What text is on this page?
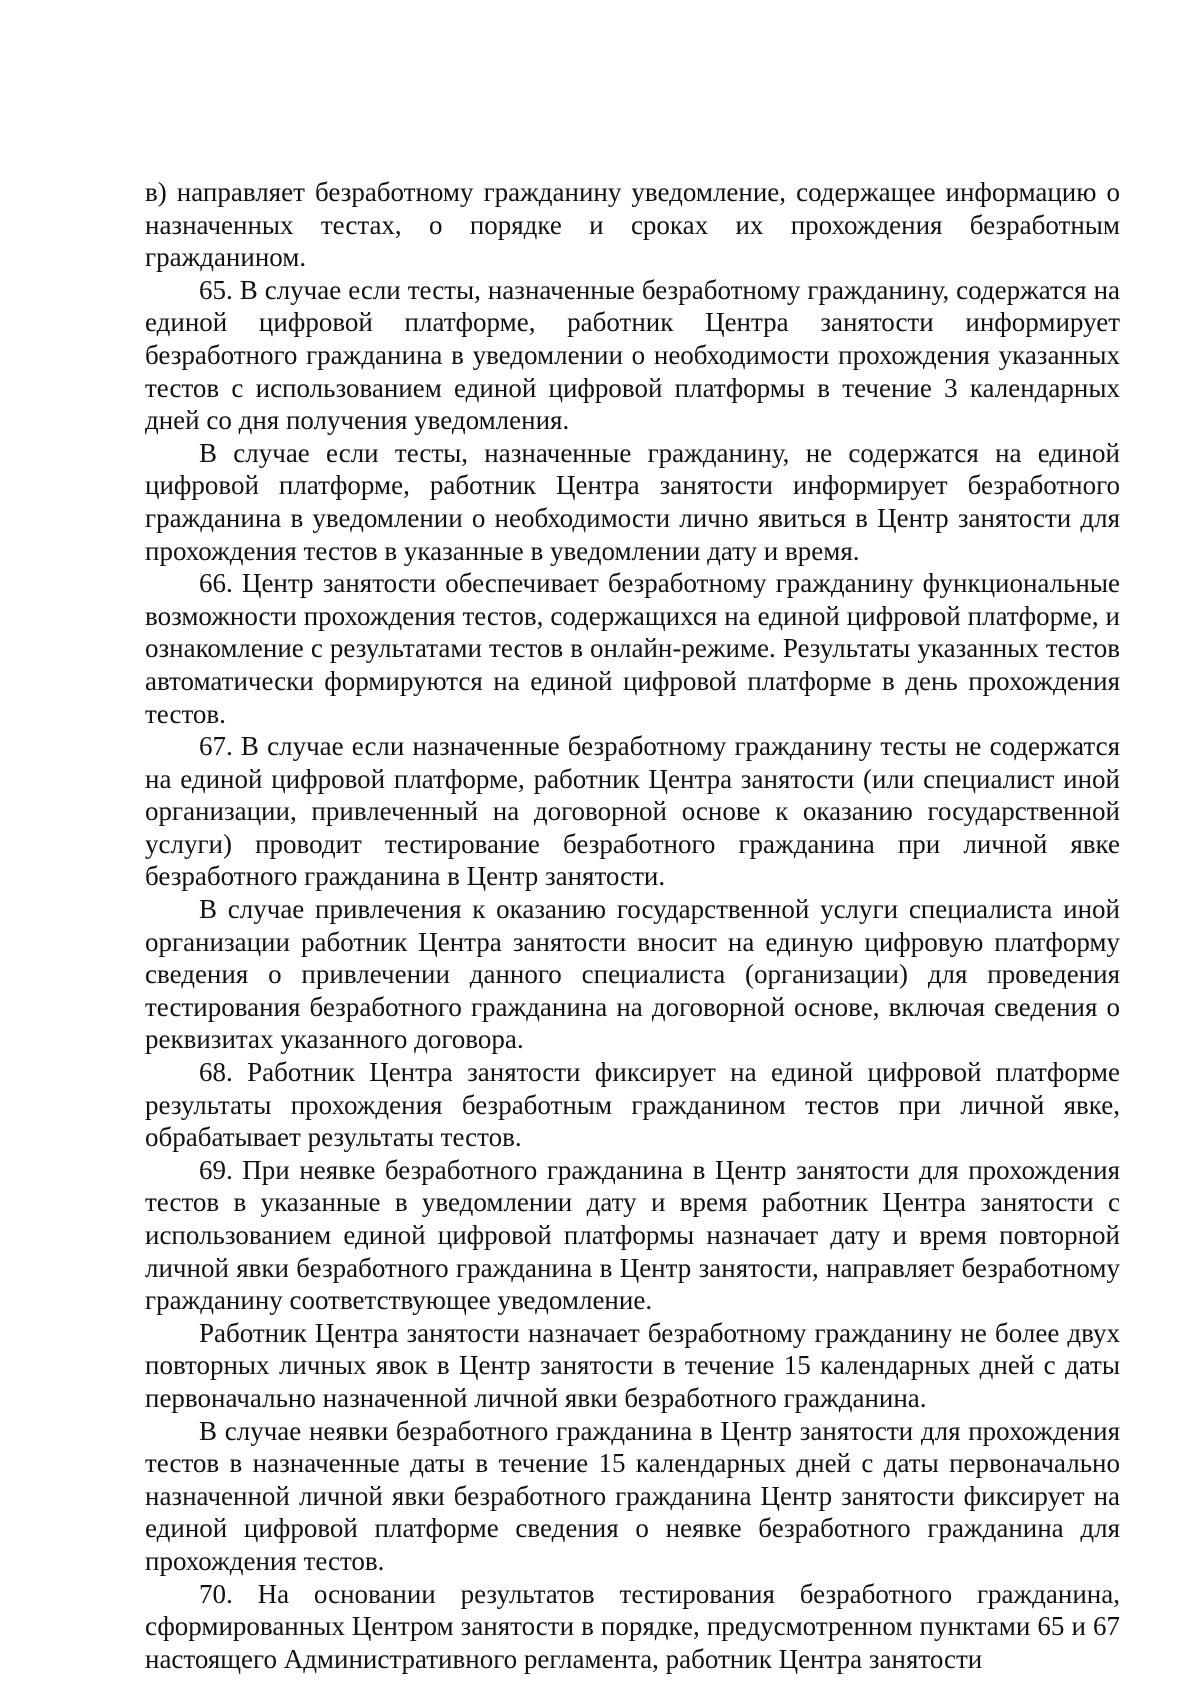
в) направляет безработному гражданину уведомление, содержащее информацию о назначенных тестах, о порядке и сроках их прохождения безработным гражданином.

65. В случае если тесты, назначенные безработному гражданину, содержатся на единой цифровой платформе, работник Центра занятости информирует безработного гражданина в уведомлении о необходимости прохождения указанных тестов с использованием единой цифровой платформы в течение 3 календарных дней со дня получения уведомления.

В случае если тесты, назначенные гражданину, не содержатся на единой цифровой платформе, работник Центра занятости информирует безработного гражданина в уведомлении о необходимости лично явиться в Центр занятости для прохождения тестов в указанные в уведомлении дату и время.

66. Центр занятости обеспечивает безработному гражданину функциональные возможности прохождения тестов, содержащихся на единой цифровой платформе, и ознакомление с результатами тестов в онлайн-режиме. Результаты указанных тестов автоматически формируются на единой цифровой платформе в день прохождения тестов.

67. В случае если назначенные безработному гражданину тесты не содержатся на единой цифровой платформе, работник Центра занятости (или специалист иной организации, привлеченный на договорной основе к оказанию государственной услуги) проводит тестирование безработного гражданина при личной явке безработного гражданина в Центр занятости.

В случае привлечения к оказанию государственной услуги специалиста иной организации работник Центра занятости вносит на единую цифровую платформу сведения о привлечении данного специалиста (организации) для проведения тестирования безработного гражданина на договорной основе, включая сведения о реквизитах указанного договора.

68. Работник Центра занятости фиксирует на единой цифровой платформе результаты прохождения безработным гражданином тестов при личной явке, обрабатывает результаты тестов.

69. При неявке безработного гражданина в Центр занятости для прохождения тестов в указанные в уведомлении дату и время работник Центра занятости с использованием единой цифровой платформы назначает дату и время повторной личной явки безработного гражданина в Центр занятости, направляет безработному гражданину соответствующее уведомление.

Работник Центра занятости назначает безработному гражданину не более двух повторных личных явок в Центр занятости в течение 15 календарных дней с даты первоначально назначенной личной явки безработного гражданина.

В случае неявки безработного гражданина в Центр занятости для прохождения тестов в назначенные даты в течение 15 календарных дней с даты первоначально назначенной личной явки безработного гражданина Центр занятости фиксирует на единой цифровой платформе сведения о неявке безработного гражданина для прохождения тестов.

70. На основании результатов тестирования безработного гражданина, сформированных Центром занятости в порядке, предусмотренном пунктами 65 и 67 настоящего Административного регламента, работник Центра занятости
